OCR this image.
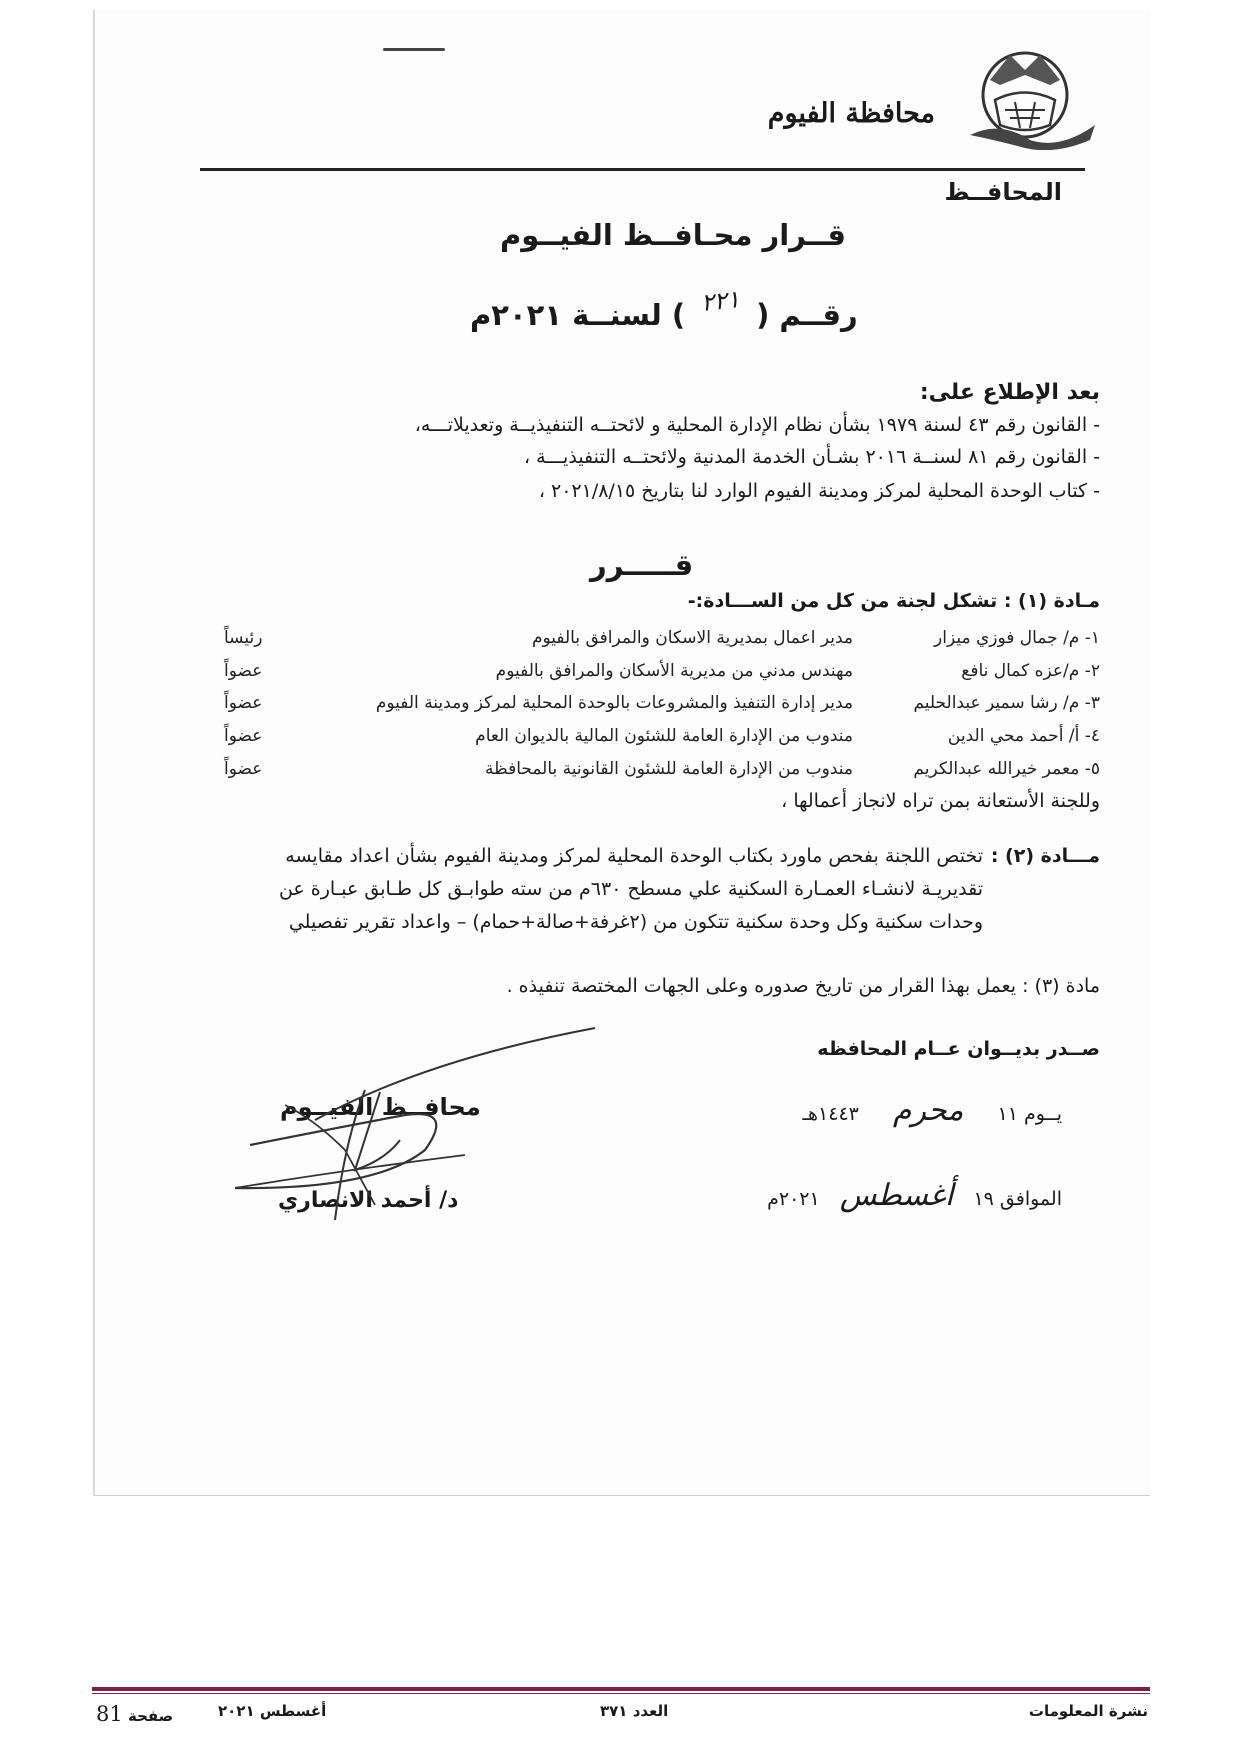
محافظة الفيوم
المحافــظ
قــرار محـافــظ الفيــوم
رقــم ( ٢٢١ ) لسنــة ٢٠٢١م
بعد الإطلاع على:
- القانون رقم ٤٣ لسنة ١٩٧٩ بشأن نظام الإدارة المحلية و لائحتــه التنفيذيــة وتعديلاتـــه،
- القانون رقم ٨١ لسنــة ٢٠١٦ بشـأن الخدمة المدنية ولائحتــه التنفيذيـــة ،
- كتاب الوحدة المحلية لمركز ومدينة الفيوم الوارد لنا بتاريخ ٢٠٢١/٨/١٥ ،
قـــــرر
مـادة (١) : تشكل لجنة من كل من الســـادة:-
١- م/ جمال فوزي ميزار
مدير اعمال بمديرية الاسكان والمرافق بالفيوم
رئيساً
٢- م/عزه كمال نافع
مهندس مدني من مديرية الأسكان والمرافق بالفيوم
عضواً
٣- م/ رشا سمير عبدالحليم
مدير إدارة التنفيذ والمشروعات بالوحدة المحلية لمركز ومدينة الفيوم
عضواً
٤- أ/ أحمد محي الدين
مندوب من الإدارة العامة للشئون المالية بالديوان العام
عضواً
٥- معمر خيرالله عبدالكريم
مندوب من الإدارة العامة للشئون القانونية بالمحافظة
عضواً
وللجنة الأستعانة بمن تراه لانجاز أعمالها ،
مـــادة (٢) :
تختص اللجنة بفحص ماورد بكتاب الوحدة المحلية لمركز ومدينة الفيوم بشأن اعداد مقايسه
تقديريـة لانشـاء العمـارة السكنية علي مسطح ٦٣٠م من سته طوابـق كل طـابق عبـارة عن
وحدات سكنية وكل وحدة سكنية تتكون من (٢غرفة+صالة+حمام) – واعداد تقرير تفصيلي
مادة (٣) : يعمل بهذا القرار من تاريخ صدوره وعلى الجهات المختصة تنفيذه .
صــدر بديــوان عــام المحافظه
يــوم ١١ محرم ١٤٤٣هـ
الموافق ١٩ أغسطس ٢٠٢١م
محافــظ الفيــوم
د/ أحمد الانصاري
نشرة المعلومات
العدد ٣٧١
أغسطس ٢٠٢١
صفحة 81
